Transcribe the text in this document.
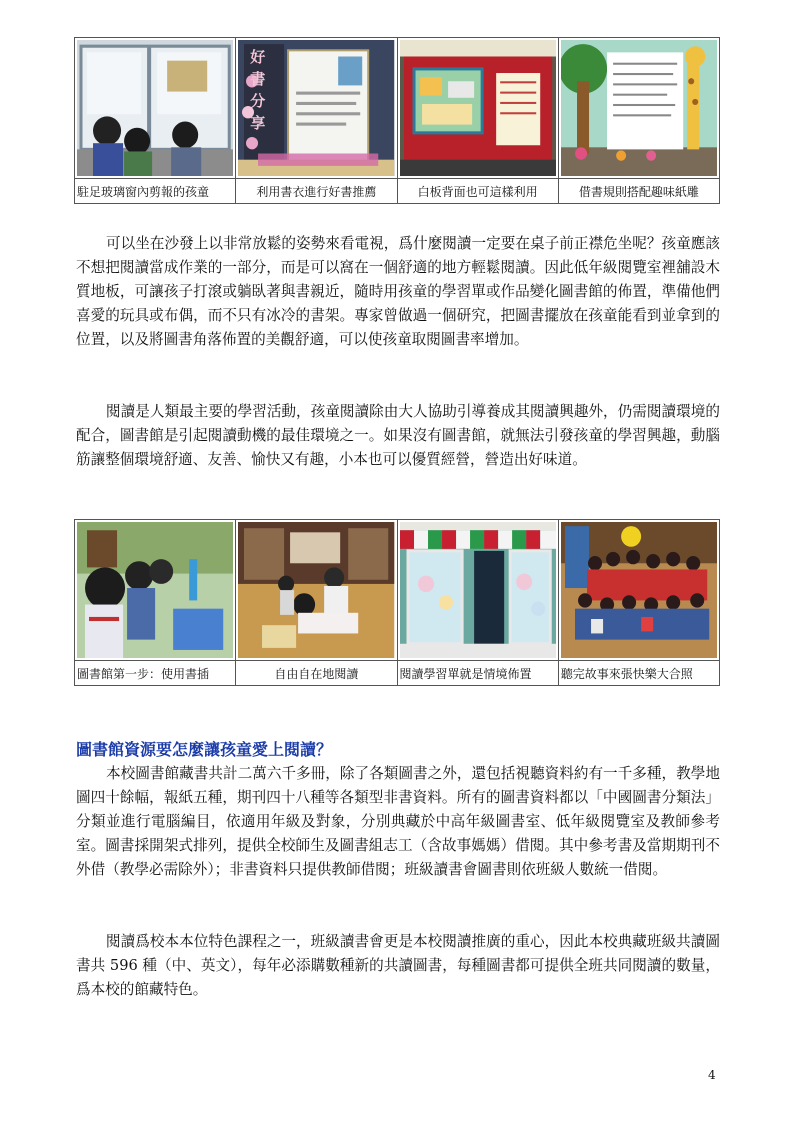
好書分享

駐足玻璃窗內剪報的孩童	利用書衣進行好書推薦	白板背面也可這樣利用	借書規則搭配趣味紙雕

可以坐在沙發上以非常放鬆的姿勢來看電視，爲什麼閱讀一定要在桌子前正襟危坐呢？孩童應該不想把閱讀當成作業的一部分，而是可以窩在一個舒適的地方輕鬆閱讀。因此低年級閱覽室裡舖設木質地板，可讓孩子打滾或躺臥著與書親近，隨時用孩童的學習單或作品變化圖書館的佈置，準備他們喜愛的玩具或布偶，而不只有冰冷的書架。專家曾做過一個研究，把圖書擺放在孩童能看到並拿到的位置，以及將圖書角落佈置的美觀舒適，可以使孩童取閱圖書率增加。

閱讀是人類最主要的學習活動，孩童閱讀除由大人協助引導養成其閱讀興趣外，仍需閱讀環境的配合，圖書館是引起閱讀動機的最佳環境之一。如果沒有圖書館，就無法引發孩童的學習興趣，動腦筋讓整個環境舒適、友善、愉快又有趣，小本也可以優質經營，營造出好味道。

圖書館第一步：使用書插	自由自在地閱讀	閱讀學習單就是情境佈置	聽完故事來張快樂大合照
圖書館資源要怎麼讓孩童愛上閱讀？

本校圖書館藏書共計二萬六千多冊，除了各類圖書之外，還包括視聽資料約有一千多種，教學地圖四十餘幅，報紙五種，期刊四十八種等各類型非書資料。所有的圖書資料都以「中國圖書分類法」分類並進行電腦編目，依適用年級及對象，分別典藏於中高年級圖書室、低年級閱覽室及教師參考室。圖書採開架式排列，提供全校師生及圖書組志工（含故事媽媽）借閱。其中參考書及當期期刊不外借（教學必需除外）；非書資料只提供教師借閱；班級讀書會圖書則依班級人數統一借閱。

閱讀爲校本本位特色課程之一，班級讀書會更是本校閱讀推廣的重心，因此本校典藏班級共讀圖書共 596 種（中、英文），每年必添購數種新的共讀圖書，每種圖書都可提供全班共同閱讀的數量，爲本校的館藏特色。

4
